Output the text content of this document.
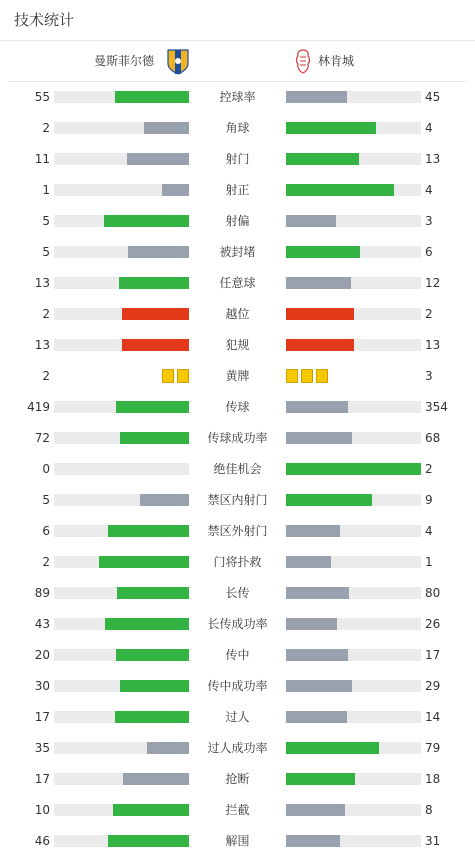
技术统计
曼斯菲尔德	林肯城
55	控球率	45
2	角球	4
11	射门	13
1	射正	4
5	射偏	3
5	被封堵	6
13	任意球	12
2	越位	2
13	犯规	13
2	黄牌	3
419	传球	354
72	传球成功率	68
0	绝佳机会	2
5	禁区内射门	9
6	禁区外射门	4
2	门将扑救	1
89	长传	80
43	长传成功率	26
20	传中	17
30	传中成功率	29
17	过人	14
35	过人成功率	79
17	抢断	18
10	拦截	8
46	解围	31
